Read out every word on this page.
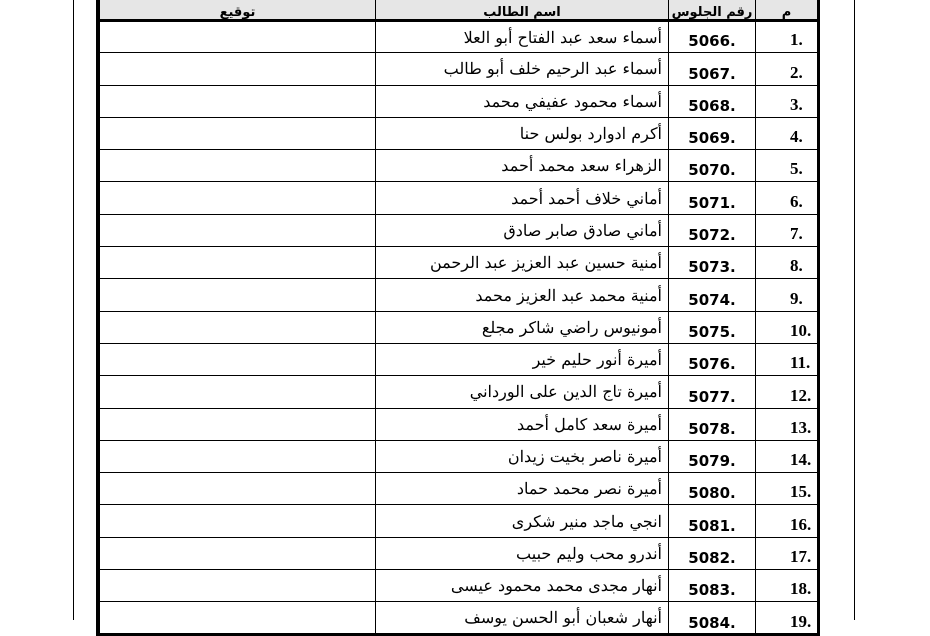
م	رقم الجلوس	اسم الطالب	توقيع
1.	5066.	أسماء سعد عبد الفتاح أبو العلا	
2.	5067.	أسماء عبد الرحيم خلف أبو طالب	
3.	5068.	أسماء محمود عفيفي محمد	
4.	5069.	أكرم ادوارد بولس حنا	
5.	5070.	الزهراء سعد محمد أحمد	
6.	5071.	أماني خلاف أحمد أحمد	
7.	5072.	أماني صادق صابر صادق	
8.	5073.	أمنية حسين عبد العزيز عبد الرحمن	
9.	5074.	أمنية محمد عبد العزيز محمد	
10.	5075.	أمونيوس راضي شاكر مجلع	
11.	5076.	أميرة أنور حليم خير	
12.	5077.	أميرة تاج الدين على الورداني	
13.	5078.	أميرة سعد كامل أحمد	
14.	5079.	أميرة ناصر بخيت زيدان	
15.	5080.	أميرة نصر محمد حماد	
16.	5081.	انجي ماجد منير شكرى	
17.	5082.	أندرو محب وليم حبيب	
18.	5083.	أنهار مجدى محمد محمود عيسى	
19.	5084.	أنهار شعبان أبو الحسن يوسف	
